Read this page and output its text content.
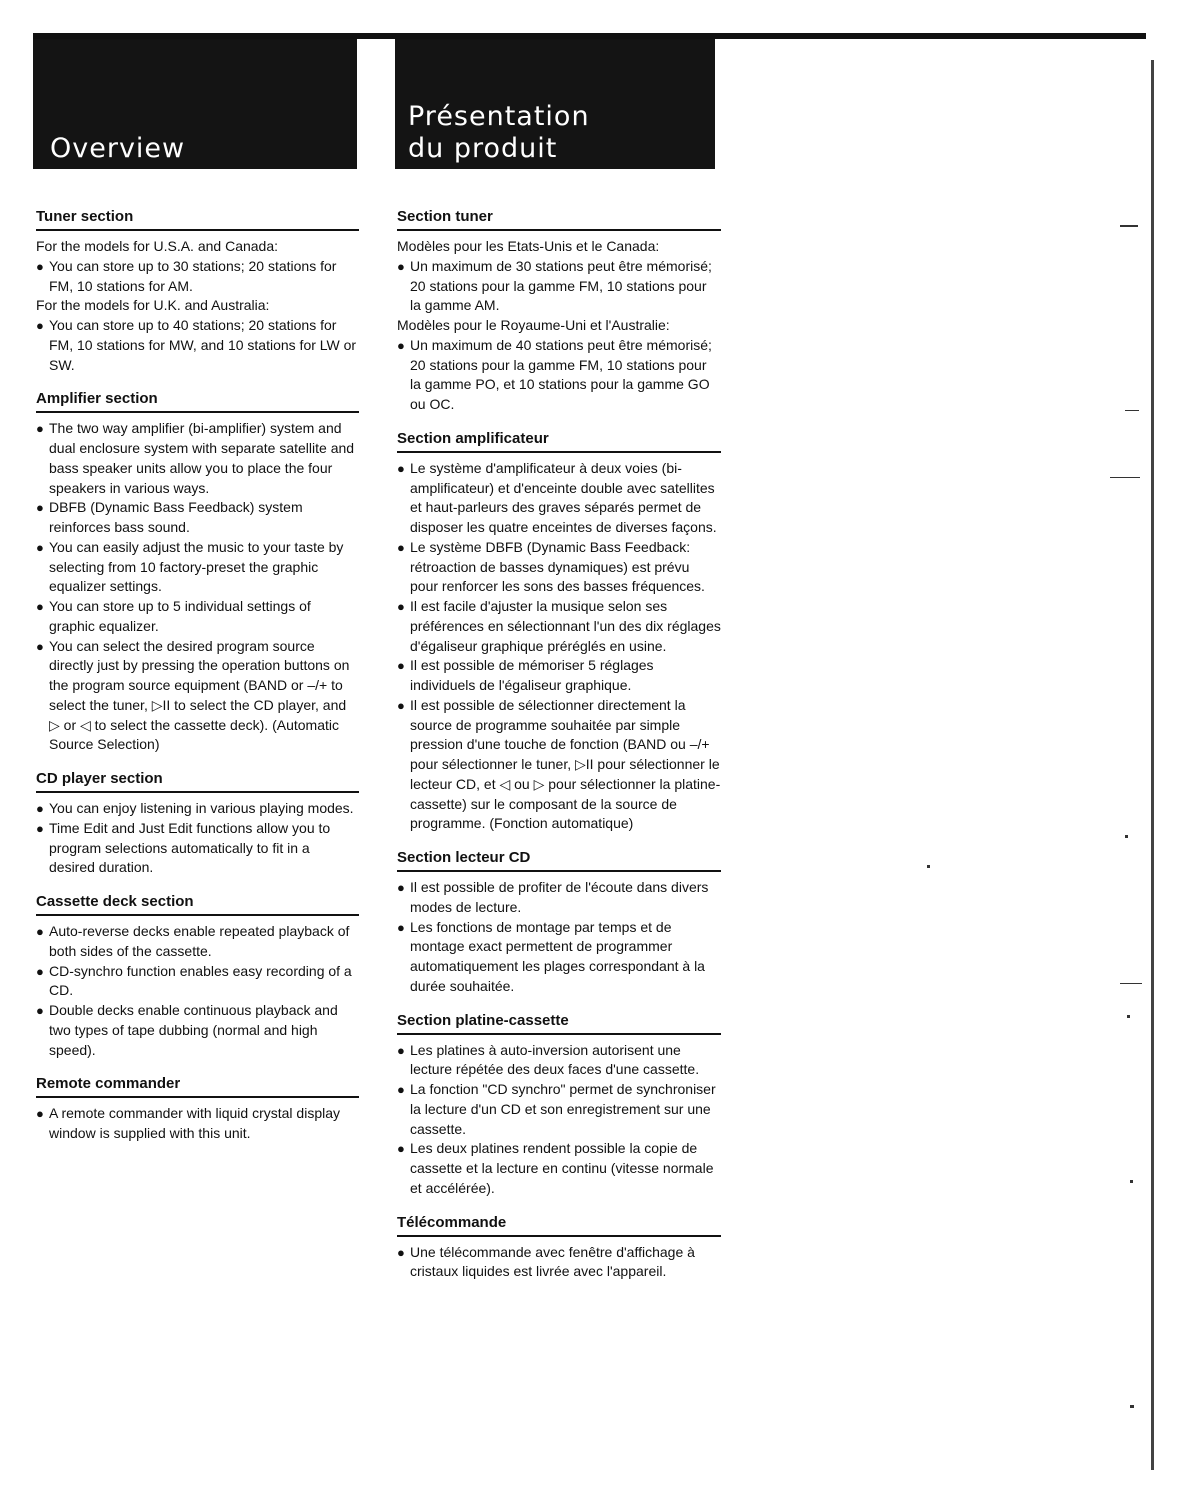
Overview
Présentation du produit
Tuner section

For the models for U.S.A. and Canada:

● You can store up to 30 stations; 20 stations for FM, 10 stations for AM.

For the models for U.K. and Australia:

● You can store up to 40 stations; 20 stations for FM, 10 stations for MW, and 10 stations for LW or SW.
Amplifier section
● The two way amplifier (bi-amplifier) system and dual enclosure system with separate satellite and bass speaker units allow you to place the four speakers in various ways.
● DBFB (Dynamic Bass Feedback) system reinforces bass sound.
● You can easily adjust the music to your taste by selecting from 10 factory-preset the graphic equalizer settings.
● You can store up to 5 individual settings of graphic equalizer.
● You can select the desired program source directly just by pressing the operation buttons on the program source equipment (BAND or –/+ to select the tuner, ▷II to select the CD player, and ▷ or ◁ to select the cassette deck). (Automatic Source Selection)
CD player section
● You can enjoy listening in various playing modes.
● Time Edit and Just Edit functions allow you to program selections automatically to fit in a desired duration.
Cassette deck section
● Auto-reverse decks enable repeated playback of both sides of the cassette.
● CD-synchro function enables easy recording of a CD.
● Double decks enable continuous playback and two types of tape dubbing (normal and high speed).
Remote commander
● A remote commander with liquid crystal display window is supplied with this unit.
Section tuner

Modèles pour les Etats-Unis et le Canada:

● Un maximum de 30 stations peut être mémorisé; 20 stations pour la gamme FM, 10 stations pour la gamme AM.

Modèles pour le Royaume-Uni et l'Australie:

● Un maximum de 40 stations peut être mémorisé; 20 stations pour la gamme FM, 10 stations pour la gamme PO, et 10 stations pour la gamme GO ou OC.
Section amplificateur
● Le système d'amplificateur à deux voies (bi-amplificateur) et d'enceinte double avec satellites et haut-parleurs des graves séparés permet de disposer les quatre enceintes de diverses façons.
● Le système DBFB (Dynamic Bass Feedback: rétroaction de basses dynamiques) est prévu pour renforcer les sons des basses fréquences.
● Il est facile d'ajuster la musique selon ses préférences en sélectionnant l'un des dix réglages d'égaliseur graphique préréglés en usine.
● Il est possible de mémoriser 5 réglages individuels de l'égaliseur graphique.
● Il est possible de sélectionner directement la source de programme souhaitée par simple pression d'une touche de fonction (BAND ou –/+ pour sélectionner le tuner, ▷II pour sélectionner le lecteur CD, et ◁ ou ▷ pour sélectionner la platine-cassette) sur le composant de la source de programme. (Fonction automatique)
Section lecteur CD
● Il est possible de profiter de l'écoute dans divers modes de lecture.
● Les fonctions de montage par temps et de montage exact permettent de programmer automatiquement les plages correspondant à la durée souhaitée.
Section platine-cassette
● Les platines à auto-inversion autorisent une lecture répétée des deux faces d'une cassette.
● La fonction "CD synchro" permet de synchroniser la lecture d'un CD et son enregistrement sur une cassette.
● Les deux platines rendent possible la copie de cassette et la lecture en continu (vitesse normale et accélérée).
Télécommande
● Une télécommande avec fenêtre d'affichage à cristaux liquides est livrée avec l'appareil.
